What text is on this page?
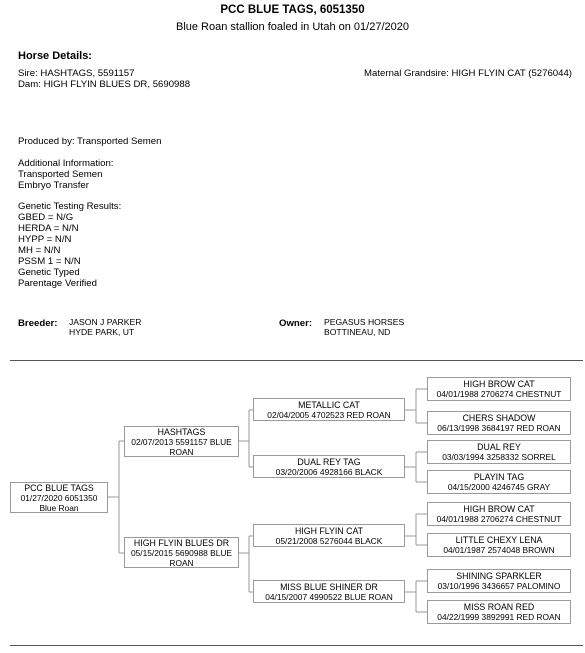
PCC BLUE TAGS, 6051350
Blue Roan stallion foaled in Utah on 01/27/2020
Horse Details:
Sire: HASHTAGS, 5591157
Dam: HIGH FLYIN BLUES DR, 5690988
Maternal Grandsire: HIGH FLYIN CAT (5276044)
Produced by: Transported Semen
Additional Information:
Transported Semen
Embryo Transfer
Genetic Testing Results:
GBED = N/G
HERDA = N/N
HYPP = N/N
MH = N/N
PSSM 1 = N/N
Genetic Typed
Parentage Verified
Breeder: JASON J PARKER
HYDE PARK, UT
Owner: PEGASUS HORSES
BOTTINEAU, ND
PCC BLUE TAGS
01/27/2020 6051350
Blue Roan
HASHTAGS
02/07/2013 5591157 BLUE
ROAN
HIGH FLYIN BLUES DR
05/15/2015 5690988 BLUE
ROAN
METALLIC CAT
02/04/2005 4702523 RED ROAN
DUAL REY TAG
03/20/2006 4928166 BLACK
HIGH FLYIN CAT
05/21/2008 5276044 BLACK
MISS BLUE SHINER DR
04/15/2007 4990522 BLUE ROAN
HIGH BROW CAT
04/01/1988 2706274 CHESTNUT
CHERS SHADOW
06/13/1998 3684197 RED ROAN
DUAL REY
03/03/1994 3258332 SORREL
PLAYIN TAG
04/15/2000 4246745 GRAY
HIGH BROW CAT
04/01/1988 2706274 CHESTNUT
LITTLE CHEXY LENA
04/01/1987 2574048 BROWN
SHINING SPARKLER
03/10/1996 3436657 PALOMINO
MISS ROAN RED
04/22/1999 3892991 RED ROAN
